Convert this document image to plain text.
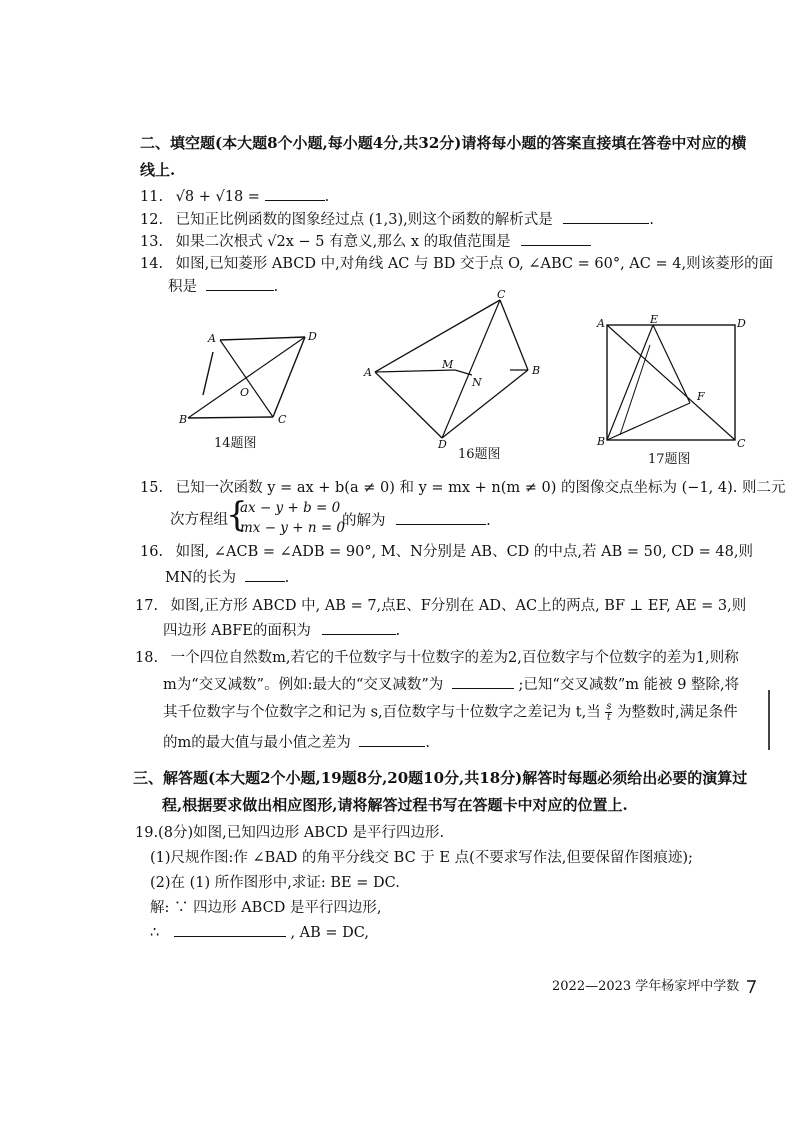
二、填空题(本大题8个小题,每小题4分,共32分)请将每小题的答案直接填在答卷中对应的横
线上.
11. √8 + √18 =	.
12. 已知正比例函数的图象经过点 (1,3),则这个函数的解析式是	.
13. 如果二次根式 √2x − 5 有意义,那么 x 的取值范围是
14. 如图,已知菱形 ABCD 中,对角线 AC 与 BD 交于点 O, ∠ABC = 60°, AC = 4,则该菱形的面
积是	.
A	D
B	C
O
14题图
C
A	B
D
M
N
16题图
A	E	D
B	C
F
17题图
15. 已知一次函数 y = ax + b(a ≠ 0) 和 y = mx + n(m ≠ 0) 的图像交点坐标为 (−1, 4). 则二元
次方程组
{
ax − y + b = 0
mx − y + n = 0
的解为	.
16. 如图, ∠ACB = ∠ADB = 90°, M、N分别是 AB、CD 的中点,若 AB = 50, CD = 48,则
MN的长为	.
17. 如图,正方形 ABCD 中, AB = 7,点E、F分别在 AD、AC上的两点, BF ⊥ EF, AE = 3,则
四边形 ABFE的面积为	.
18. 一个四位自然数m,若它的千位数字与十位数字的差为2,百位数字与个位数字的差为1,则称
m为“交叉减数”。例如:最大的“交叉减数”为	;已知“交叉减数”m 能被 9 整除,将
其千位数字与个位数字之和记为 s,百位数字与十位数字之差记为 t,当 $\frac{s}{t}$ 为整数时,满足条件
的m的最大值与最小值之差为	.
三、解答题(本大题2个小题,19题8分,20题10分,共18分)解答时每题必须给出必要的演算过
程,根据要求做出相应图形,请将解答过程书写在答题卡中对应的位置上.
19.(8分)如图,已知四边形 ABCD 是平行四边形.
(1)尺规作图:作 ∠BAD 的角平分线交 BC 于 E 点(不要求写作法,但要保留作图痕迹);
(2)在 (1) 所作图形中,求证: BE = DC.
解: ∵ 四边形 ABCD 是平行四边形,
∴	, AB = DC,
2022—2023 学年杨家坪中学数
